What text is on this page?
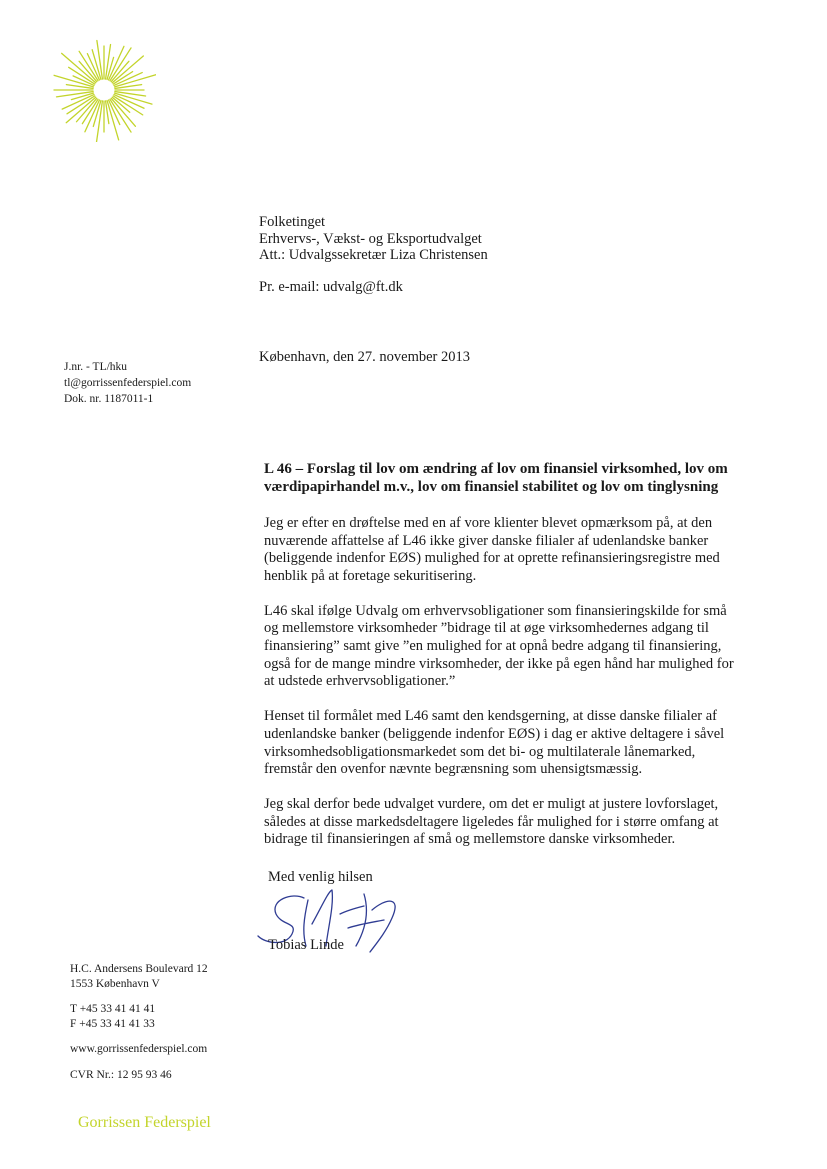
Folketinget
Erhvervs-, Vækst- og Eksportudvalget
Att.: Udvalgssekretær Liza Christensen
Pr. e-mail: udvalg@ft.dk
København, den 27. november 2013
J.nr. - TL/hku
tl@gorrissenfederspiel.com
Dok. nr. 1187011-1
L 46 – Forslag til lov om ændring af lov om finansiel virksomhed, lov om værdipapirhandel m.v., lov om finansiel stabilitet og lov om tinglysning

Jeg er efter en drøftelse med en af vore klienter blevet opmærksom på, at den nuværende affattelse af L46 ikke giver danske filialer af udenlandske banker (beliggende indenfor EØS) mulighed for at oprette refinansieringsregistre med henblik på at foretage sekuritisering.

L46 skal ifølge Udvalg om erhvervsobligationer som finansieringskilde for små og mellemstore virksomheder ”bidrage til at øge virksomhedernes adgang til finansiering” samt give ”en mulighed for at opnå bedre adgang til finansiering, også for de mange mindre virksomheder, der ikke på egen hånd har mulighed for at udstede erhvervsobligationer.”

Henset til formålet med L46 samt den kendsgerning, at disse danske filialer af udenlandske banker (beliggende indenfor EØS) i dag er aktive deltagere i såvel virksomhedsobligationsmarkedet som det bi- og multilaterale lånemarked, fremstår den ovenfor nævnte begrænsning som uhensigtsmæssig.

Jeg skal derfor bede udvalget vurdere, om det er muligt at justere lovforslaget, således at disse markedsdeltagere ligeledes får mulighed for i større omfang at bidrage til finansieringen af små og mellemstore danske virksomheder.

Med venlig hilsen
Tobias Linde
H.C. Andersens Boulevard 12
1553 København V
T +45 33 41 41 41
F +45 33 41 41 33
www.gorrissenfederspiel.com
CVR Nr.: 12 95 93 46
Gorrissen Federspiel
